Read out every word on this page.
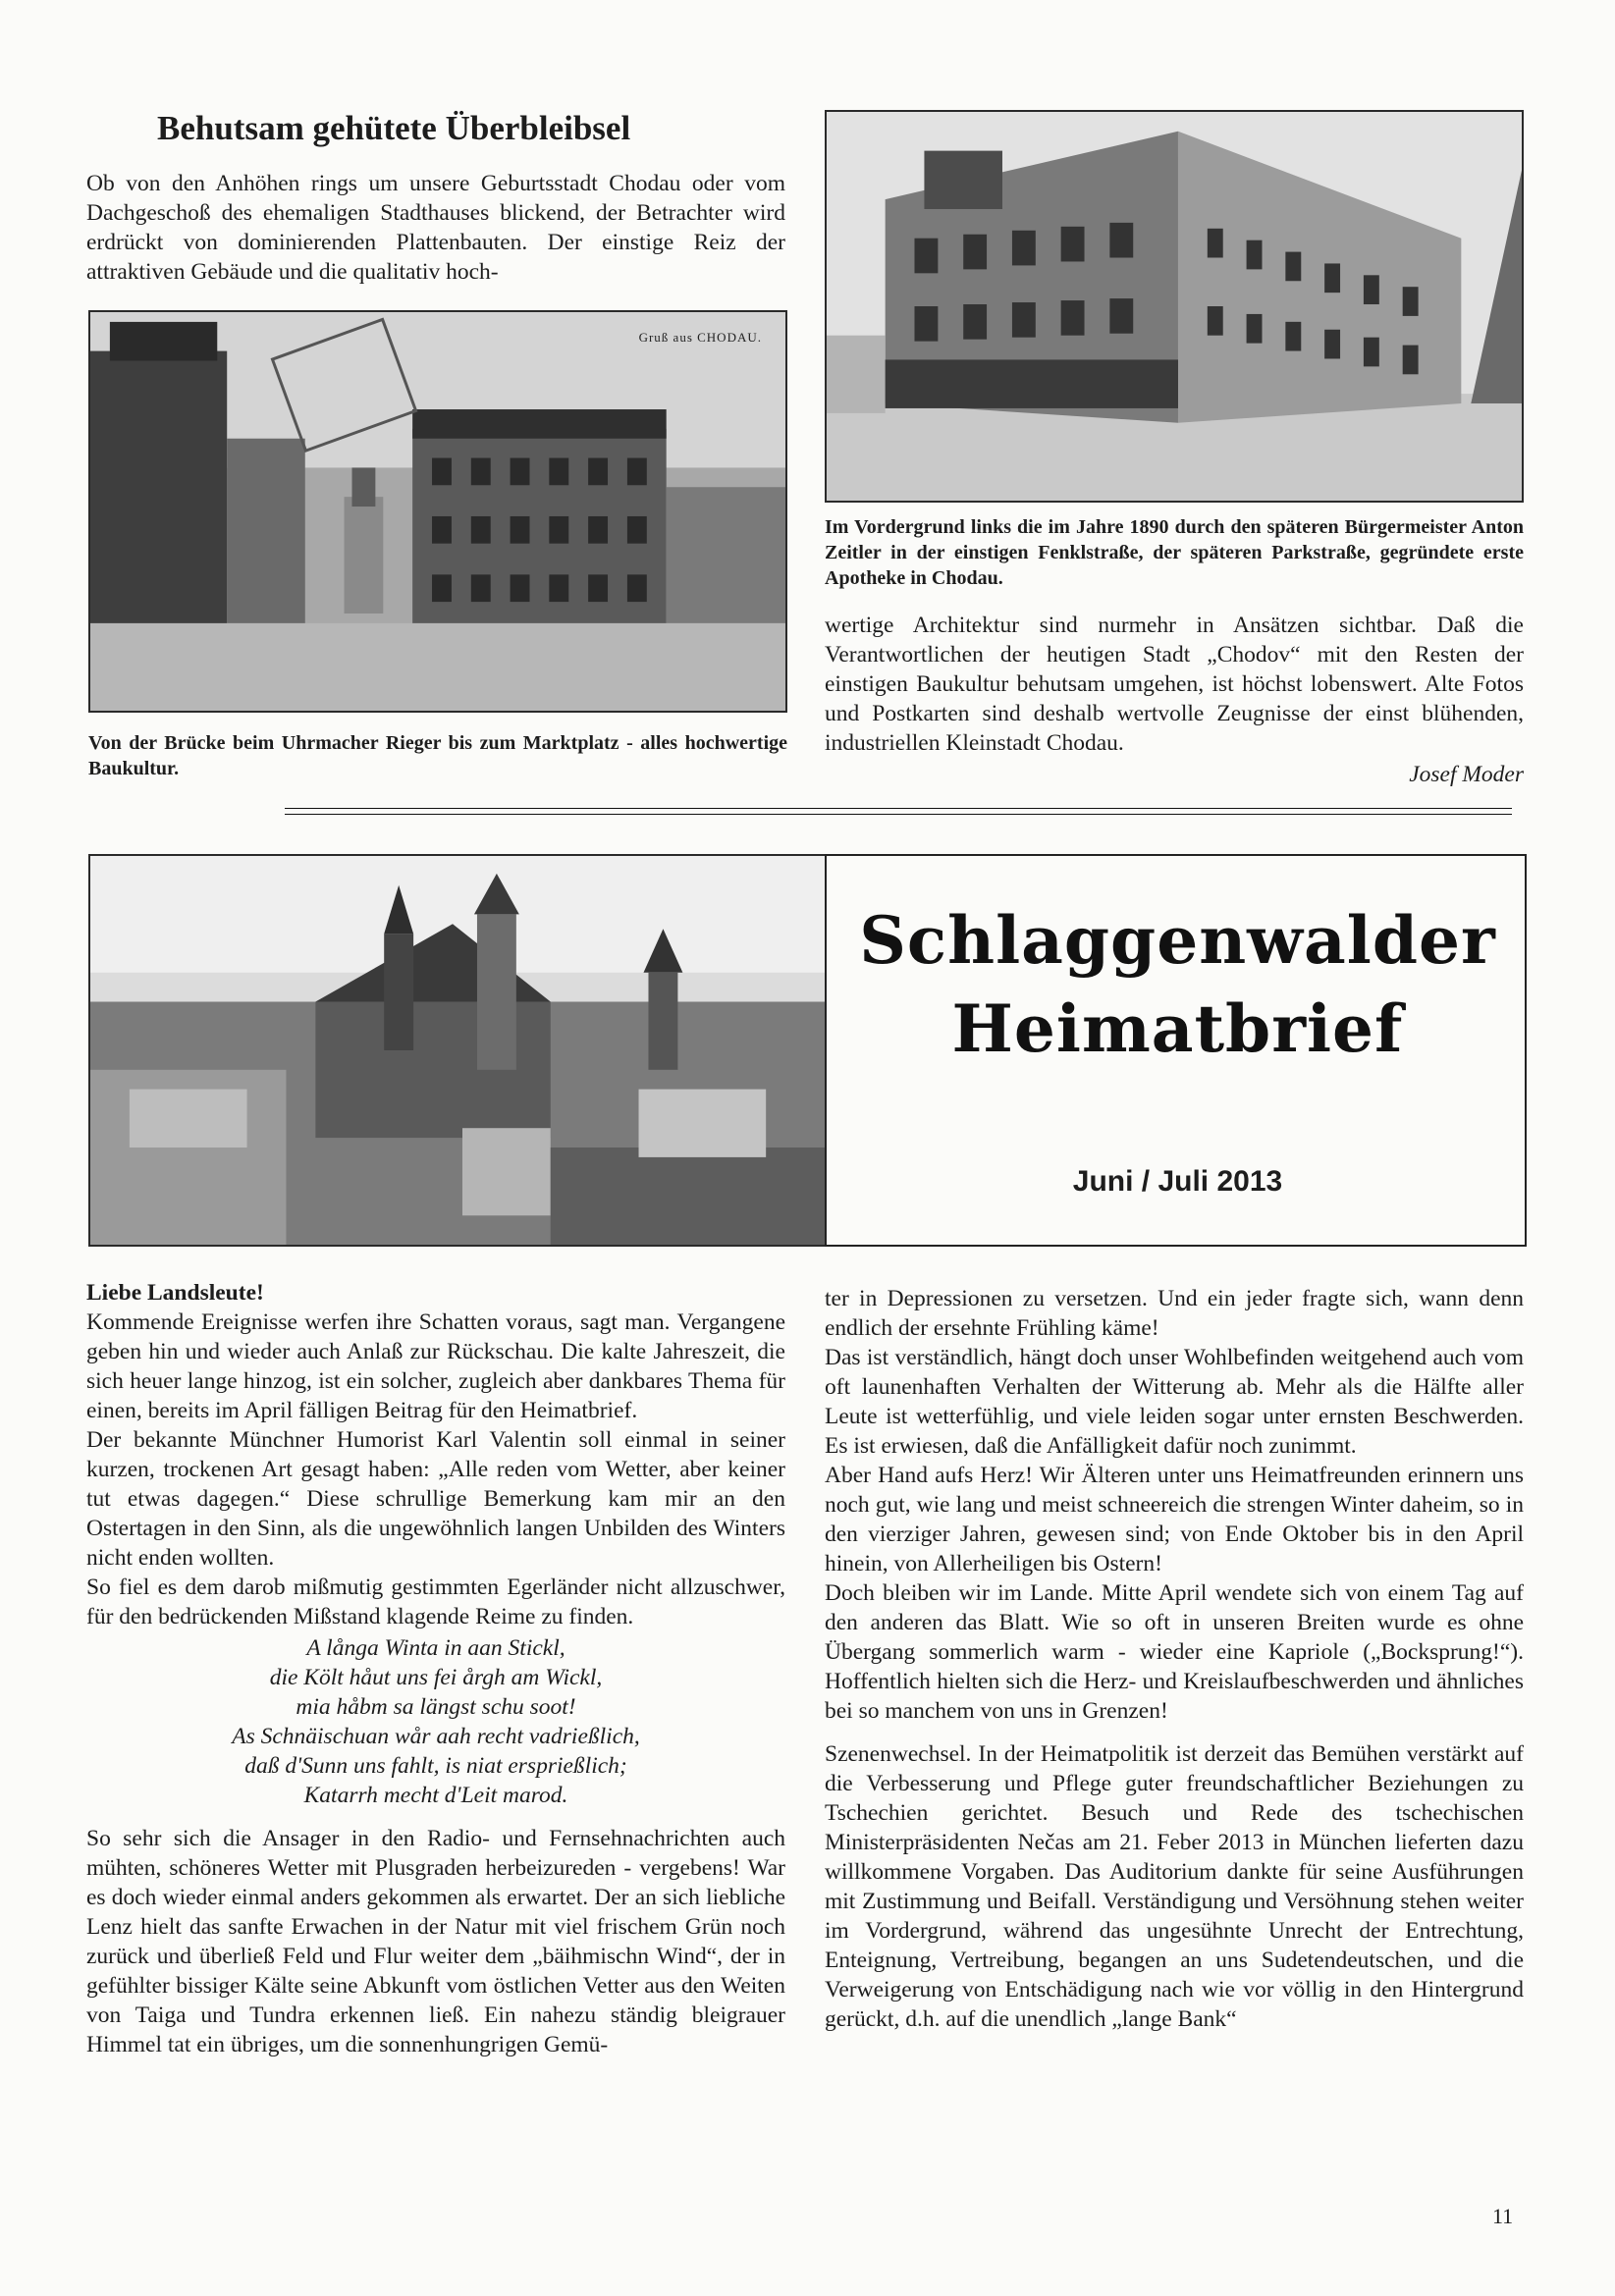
Behutsam gehütete Überbleibsel
Ob von den Anhöhen rings um unsere Geburtsstadt Chodau oder vom Dachgeschoß des ehemaligen Stadthauses blickend, der Betrachter wird erdrückt von dominierenden Plattenbauten. Der einstige Reiz der attraktiven Gebäude und die qualitativ hoch-
Gruß aus CHODAU.
Von der Brücke beim Uhrmacher Rieger bis zum Marktplatz - alles hochwertige Baukultur.
Im Vordergrund links die im Jahre 1890 durch den späteren Bürgermeister Anton Zeitler in der einstigen Fenklstraße, der späteren Parkstraße, gegründete erste Apotheke in Chodau.
wertige Architektur sind nurmehr in Ansätzen sichtbar. Daß die Verantwortlichen der heutigen Stadt „Chodov“ mit den Resten der einstigen Baukultur behutsam umgehen, ist höchst lobenswert. Alte Fotos und Postkarten sind deshalb wertvolle Zeugnisse der einst blühenden, industriellen Kleinstadt Chodau.
Josef Moder
Schlaggenwalder
Heimatbrief
Juni / Juli 2013

Liebe Landsleute!

Kommende Ereignisse werfen ihre Schatten voraus, sagt man. Vergangene geben hin und wieder auch Anlaß zur Rückschau. Die kalte Jahreszeit, die sich heuer lange hinzog, ist ein solcher, zugleich aber dankbares Thema für einen, bereits im April fälligen Beitrag für den Heimatbrief.

Der bekannte Münchner Humorist Karl Valentin soll einmal in seiner kurzen, trockenen Art gesagt haben: „Alle reden vom Wetter, aber keiner tut etwas dagegen.“ Diese schrullige Bemerkung kam mir an den Ostertagen in den Sinn, als die ungewöhnlich langen Unbilden des Winters nicht enden wollten.

So fiel es dem darob mißmutig gestimmten Egerländer nicht allzuschwer, für den bedrückenden Mißstand klagende Reime zu finden.

A långa Winta in aan Stickl,
die Költ håut uns fei årgh am Wickl,
mia håbm sa längst schu soot!
As Schnäischuan wår aah recht vadrießlich,
daß d'Sunn uns fahlt, is niat ersprießlich;
Katarrh mecht d'Leit marod.

So sehr sich die Ansager in den Radio- und Fernsehnachrichten auch mühten, schöneres Wetter mit Plusgraden herbeizureden - vergebens! War es doch wieder einmal anders gekommen als erwartet. Der an sich liebliche Lenz hielt das sanfte Erwachen in der Natur mit viel frischem Grün noch zurück und überließ Feld und Flur weiter dem „bäihmischn Wind“, der in gefühlter bissiger Kälte seine Abkunft vom östlichen Vetter aus den Weiten von Taiga und Tundra erkennen ließ. Ein nahezu ständig bleigrauer Himmel tat ein übriges, um die sonnenhungrigen Gemü-

ter in Depressionen zu versetzen. Und ein jeder fragte sich, wann denn endlich der ersehnte Frühling käme!

Das ist verständlich, hängt doch unser Wohlbefinden weitgehend auch vom oft launenhaften Verhalten der Witterung ab. Mehr als die Hälfte aller Leute ist wetterfühlig, und viele leiden sogar unter ernsten Beschwerden. Es ist erwiesen, daß die Anfälligkeit dafür noch zunimmt.

Aber Hand aufs Herz! Wir Älteren unter uns Heimatfreunden erinnern uns noch gut, wie lang und meist schneereich die strengen Winter daheim, so in den vierziger Jahren, gewesen sind; von Ende Oktober bis in den April hinein, von Allerheiligen bis Ostern!

Doch bleiben wir im Lande. Mitte April wendete sich von einem Tag auf den anderen das Blatt. Wie so oft in unseren Breiten wurde es ohne Übergang sommerlich warm - wieder eine Kapriole („Bocksprung!“). Hoffentlich hielten sich die Herz- und Kreislaufbeschwerden und ähnliches bei so manchem von uns in Grenzen!

Szenenwechsel. In der Heimatpolitik ist derzeit das Bemühen verstärkt auf die Verbesserung und Pflege guter freundschaftlicher Beziehungen zu Tschechien gerichtet. Besuch und Rede des tschechischen Ministerpräsidenten Nečas am 21. Feber 2013 in München lieferten dazu willkommene Vorgaben. Das Auditorium dankte für seine Ausführungen mit Zustimmung und Beifall. Verständigung und Versöhnung stehen weiter im Vordergrund, während das ungesühnte Unrecht der Entrechtung, Enteignung, Vertreibung, begangen an uns Sudetendeutschen, und die Verweigerung von Entschädigung nach wie vor völlig in den Hintergrund gerückt, d.h. auf die unendlich „lange Bank“

11
